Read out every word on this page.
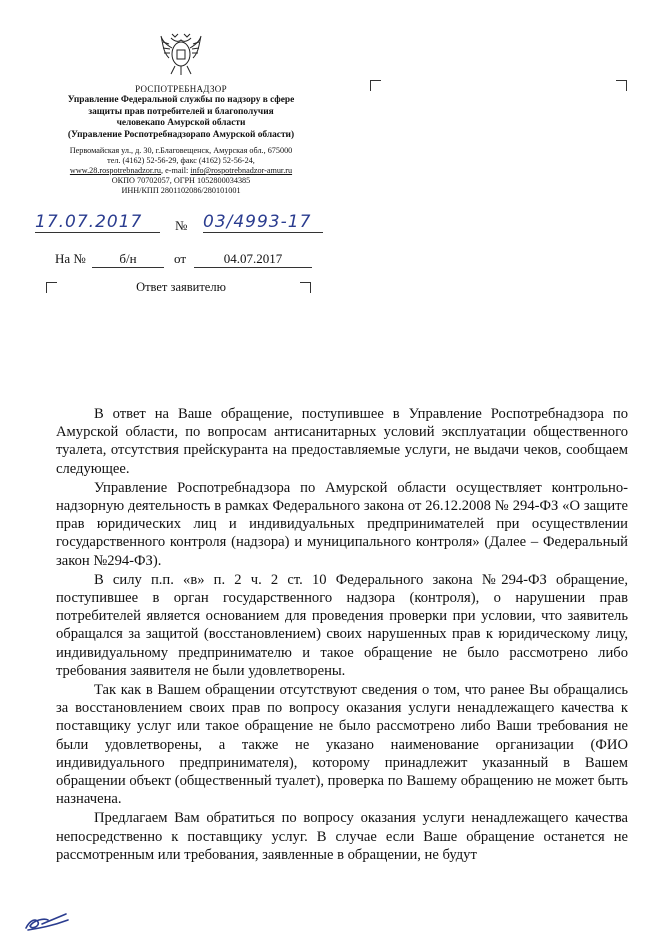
РОСПОТРЕБНАДЗОР
Управление Федеральной службы по надзору в сфере
защиты прав потребителей и благополучия
человекапо Амурской области
(Управление Роспотребнадзорапо Амурской области)
Первомайская ул., д. 30, г.Благовещенск, Амурская обл., 675000
тел. (4162) 52-56-29, факс (4162) 52-56-24,
www.28.rospotrebnadzor.ru, e-mail: info@rospotrebnadzor-amur.ru
ОКПО 70702057, ОГРН 1052800034385
ИНН/КПП 2801102086/280101001
17.07.2017	№ 03/4993-17
На №	б/н	от	04.07.2017
Ответ заявителю

В ответ на Ваше обращение, поступившее в Управление Роспотребнадзора по Амурской области, по вопросам антисанитарных условий эксплуатации общественного туалета, отсутствия прейскуранта на предоставляемые услуги, не выдачи чеков, сообщаем следующее.

Управление Роспотребнадзора по Амурской области осуществляет контрольно-надзорную деятельность в рамках Федерального закона от 26.12.2008 № 294-ФЗ «О защите прав юридических лиц и индивидуальных предпринимателей при осуществлении государственного контроля (надзора) и муниципального контроля» (Далее – Федеральный закон №294-ФЗ).

В силу п.п. «в» п. 2 ч. 2 ст. 10 Федерального закона №294-ФЗ обращение, поступившее в орган государственного надзора (контроля), о нарушении прав потребителей является основанием для проведения проверки при условии, что заявитель обращался за защитой (восстановлением) своих нарушенных прав к юридическому лицу, индивидуальному предпринимателю и такое обращение не было рассмотрено либо требования заявителя не были удовлетворены.

Так как в Вашем обращении отсутствуют сведения о том, что ранее Вы обращались за восстановлением своих прав по вопросу оказания услуги ненадлежащего качества к поставщику услуг или такое обращение не было рассмотрено либо Ваши требования не были удовлетворены, а также не указано наименование организации (ФИО индивидуального предпринимателя), которому принадлежит указанный в Вашем обращении объект (общественный туалет), проверка по Вашему обращению не может быть назначена.

Предлагаем Вам обратиться по вопросу оказания услуги ненадлежащего качества непосредственно к поставщику услуг. В случае если Ваше обращение останется не рассмотренным или требования, заявленные в обращении, не будут
